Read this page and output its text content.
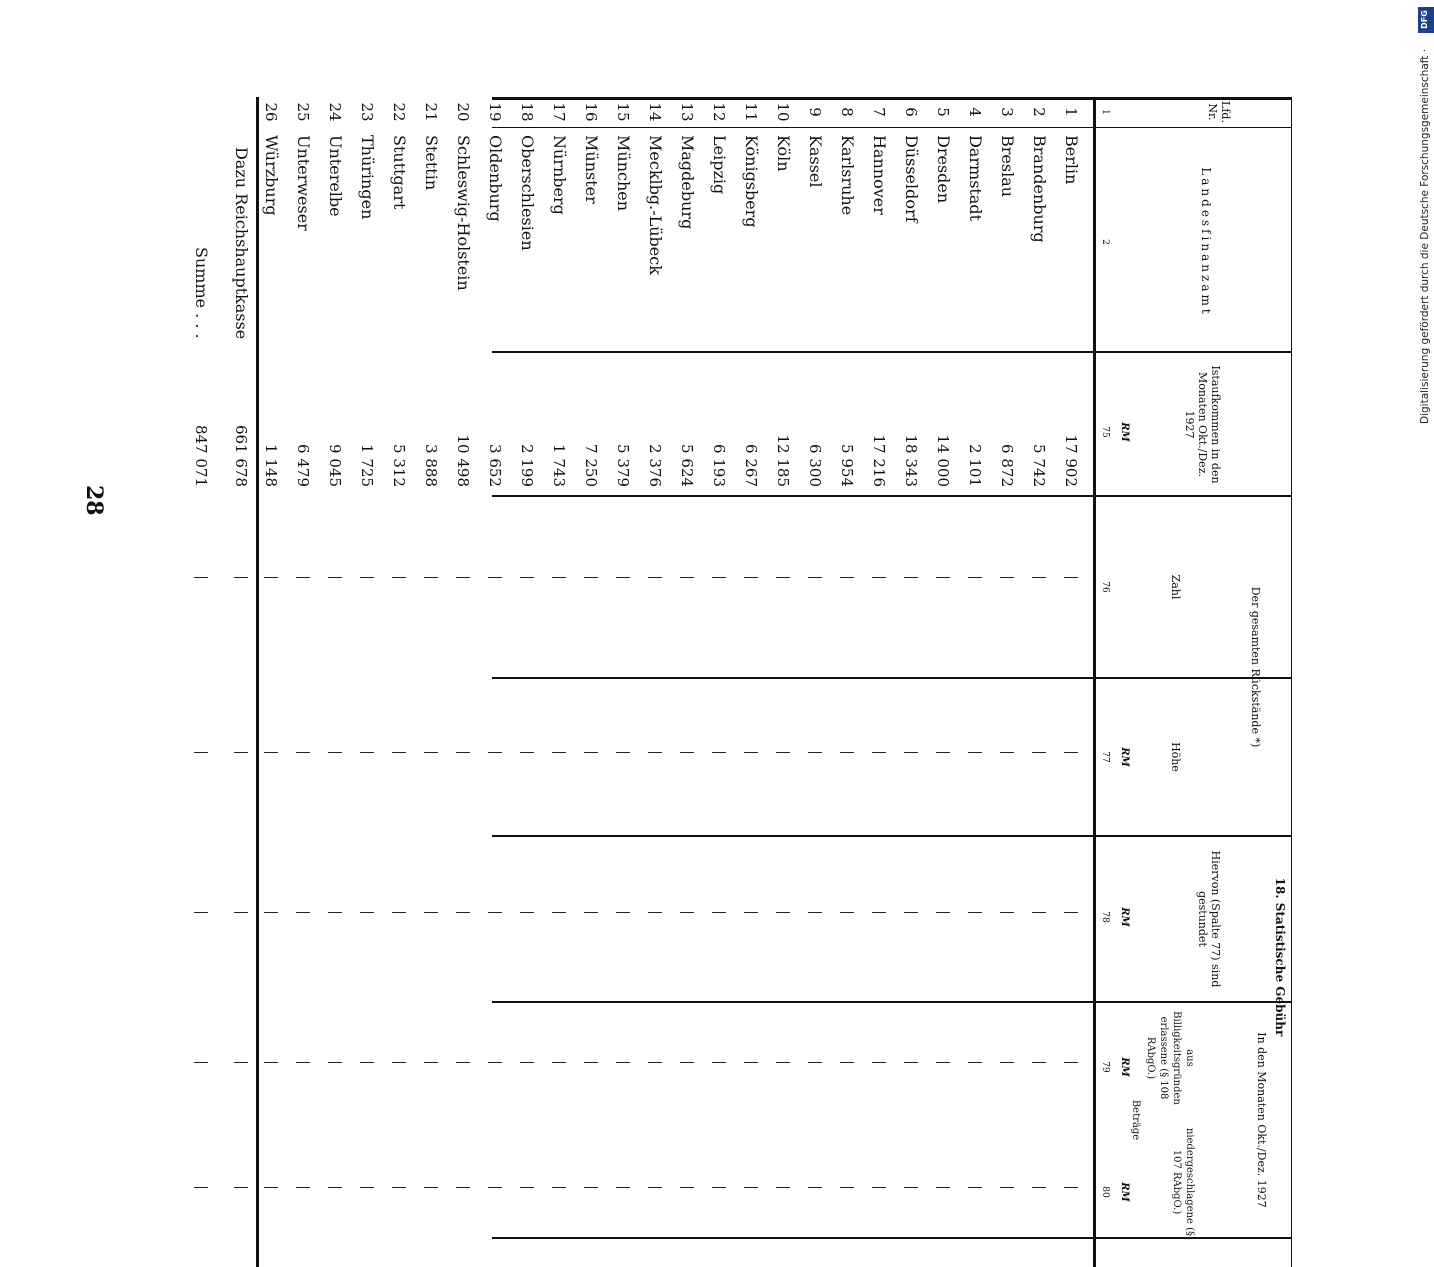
28
Digitalisierung gefördert durch die Deutsche Forschungsgemeinschaft ·
DFG
Lfd. Nr.
Landesfinanzamt
Istaufkommen in den Monaten Okt./Dez. 1927
18. Statistische Gebühr
Der gesamten Rückstände *)
Zahl
Höhe
Hiervon (Spalte 77) sind gestundet
In den Monaten Okt./Dez. 1927
aus Billigkeitsgründen erlassene (§ 108 RAbgO.)
niedergeschlagene (§ 107 RAbgO.)
Beträge
1
2
75
76
77
78
79
80
RM
RM
RM
RM
RM
1
Berlin
17 902
2
Brandenburg
5 742
3
Breslau
6 872
4
Darmstadt
2 101
5
Dresden
14 000
6
Düsseldorf
18 343
7
Hannover
17 216
8
Karlsruhe
5 954
9
Kassel
6 300
10
Köln
12 185
11
Königsberg
6 267
12
Leipzig
6 193
13
Magdeburg
5 624
14
Mecklbg.-Lübeck
2 376
15
München
5 379
16
Münster
7 250
17
Nürnberg
1 743
18
Oberschlesien
2 199
19
Oldenburg
3 652
20
Schleswig-Holstein
10 498
21
Stettin
3 888
22
Stuttgart
5 312
23
Thüringen
1 725
24
Unterelbe
9 045
25
Unterweser
6 479
26
Würzburg
1 148
Dazu Reichshauptkasse
661 678
Summe . . .
847 071
